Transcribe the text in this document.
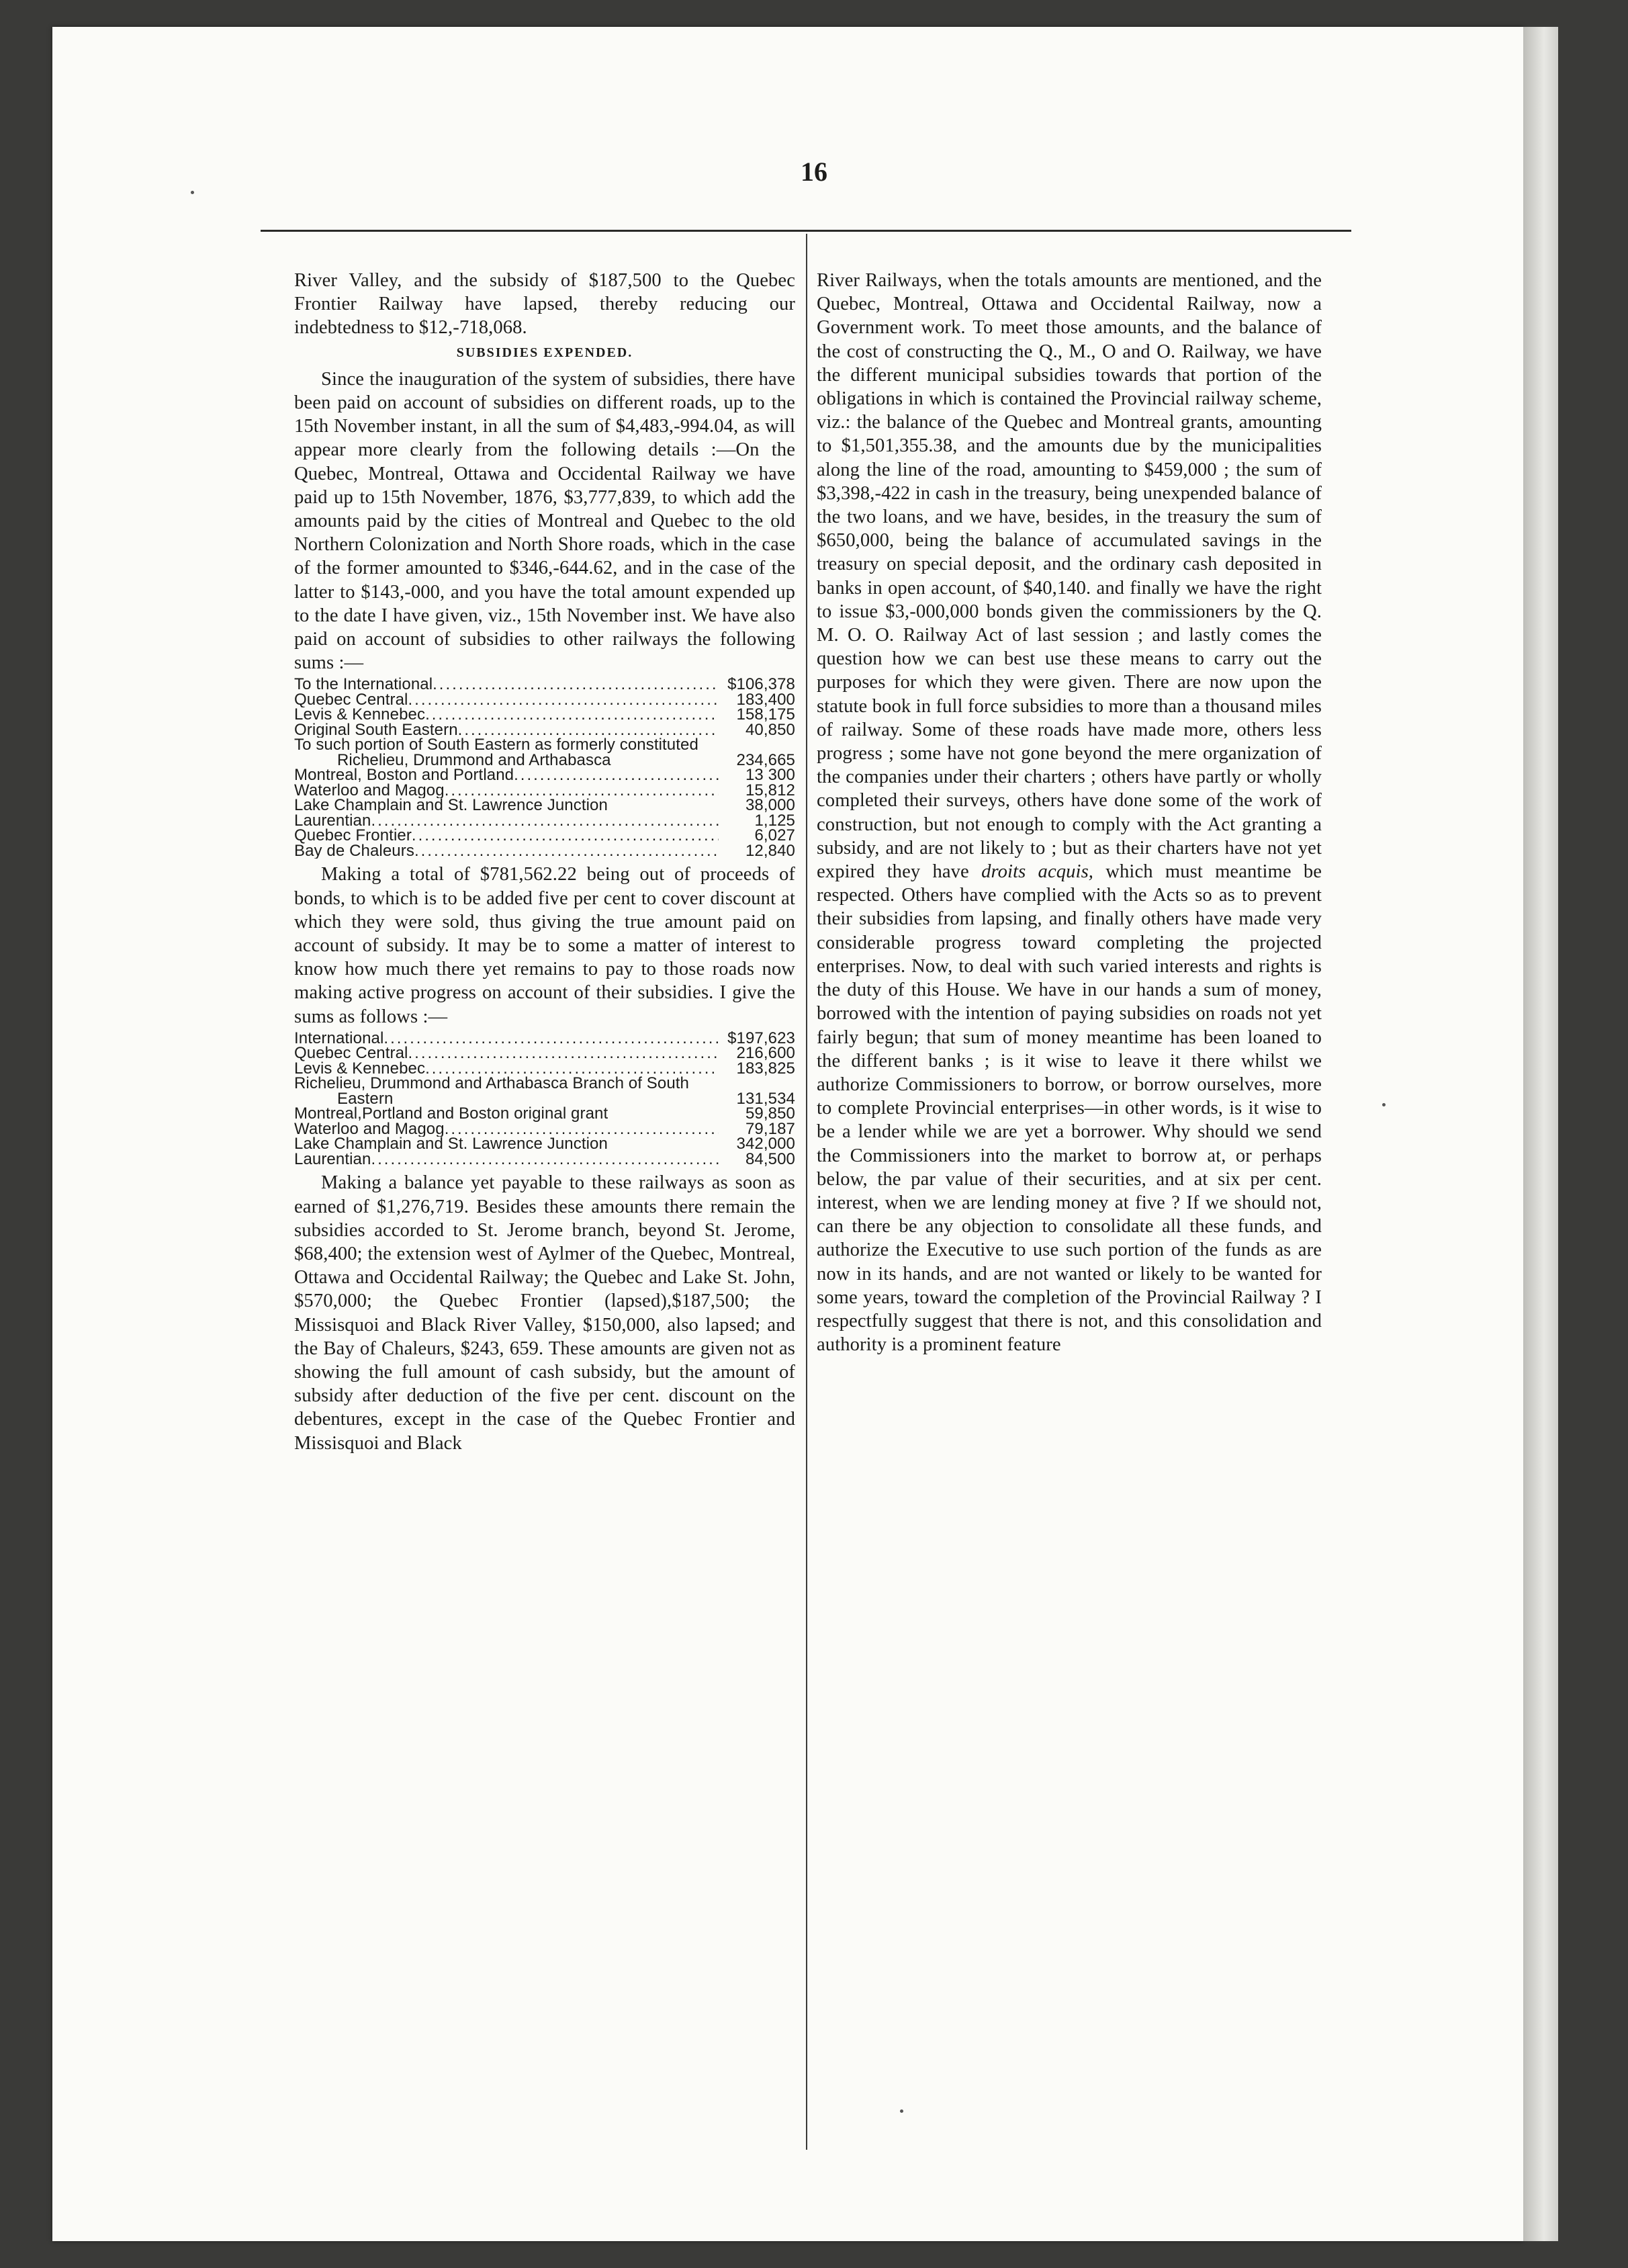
16

River Valley, and the subsidy of $187,500 to the Quebec Frontier Railway have lapsed, thereby reducing our indebtedness to $12,-718,068.

SUBSIDIES EXPENDED.

Since the inauguration of the system of subsidies, there have been paid on account of subsidies on different roads, up to the 15th November instant, in all the sum of $4,483,-994.04, as will appear more clearly from the following details :—On the Quebec, Montreal, Ottawa and Occidental Railway we have paid up to 15th November, 1876, $3,777,839, to which add the amounts paid by the cities of Montreal and Quebec to the old Northern Colonization and North Shore roads, which in the case of the former amounted to $346,-644.62, and in the case of the latter to $143,-000, and you have the total amount expended up to the date I have given, viz., 15th November inst. We have also paid on account of subsidies to other railways the following sums :—

To the International .....	$106,378
Quebec Central .....	183,400
Levis & Kennebec .....	158,175
Original South Eastern .....	40,850
To such portion of South Eastern as formerly constituted Richelieu, Drummond and Arthabasca	234,665
Montreal, Boston and Portland .....	13 300
Waterloo and Magog .....	15,812
Lake Champlain and St. Lawrence Junction	38,000
Laurentian .....	1,125
Quebec Frontier .....	6,027
Bay de Chaleurs .....	12,840

Making a total of $781,562.22 being out of proceeds of bonds, to which is to be added five per cent to cover discount at which they were sold, thus giving the true amount paid on account of subsidy. It may be to some a matter of interest to know how much there yet remains to pay to those roads now making active progress on account of their subsidies. I give the sums as follows :—

International .....	$197,623
Quebec Central .....	216,600
Levis & Kennebec .....	183,825
Richelieu, Drummond and Arthabasca Branch of South Eastern	131,534
Montreal,Portland and Boston original grant	59,850
Waterloo and Magog .....	79,187
Lake Champlain and St. Lawrence Junction	342,000
Laurentian .....	84,500

Making a balance yet payable to these railways as soon as earned of $1,276,719. Besides these amounts there remain the subsidies accorded to St. Jerome branch, beyond St. Jerome, $68,400; the extension west of Aylmer of the Quebec, Montreal, Ottawa and Occidental Railway; the Quebec and Lake St. John, $570,000; the Quebec Frontier (lapsed),$187,500; the Missisquoi and Black River Valley, $150,000, also lapsed; and the Bay of Chaleurs, $243, 659. These amounts are given not as showing the full amount of cash subsidy, but the amount of subsidy after deduction of the five per cent. discount on the debentures, except in the case of the Quebec Frontier and Missisquoi and Black

River Railways, when the totals amounts are mentioned, and the Quebec, Montreal, Ottawa and Occidental Railway, now a Government work. To meet those amounts, and the balance of the cost of constructing the Q., M., O and O. Railway, we have the different municipal subsidies towards that portion of the obligations in which is contained the Provincial railway scheme, viz.: the balance of the Quebec and Montreal grants, amounting to $1,501,355.38, and the amounts due by the municipalities along the line of the road, amounting to $459,000 ; the sum of $3,398,-422 in cash in the treasury, being unexpended balance of the two loans, and we have, besides, in the treasury the sum of $650,000, being the balance of accumulated savings in the treasury on special deposit, and the ordinary cash deposited in banks in open account, of $40,140. and finally we have the right to issue $3,-000,000 bonds given the commissioners by the Q. M. O. O. Railway Act of last session ; and lastly comes the question how we can best use these means to carry out the purposes for which they were given. There are now upon the statute book in full force subsidies to more than a thousand miles of railway. Some of these roads have made more, others less progress ; some have not gone beyond the mere organization of the companies under their charters ; others have partly or wholly completed their surveys, others have done some of the work of construction, but not enough to comply with the Act granting a subsidy, and are not likely to ; but as their charters have not yet expired they have droits acquis, which must meantime be respected. Others have complied with the Acts so as to prevent their subsidies from lapsing, and finally others have made very considerable progress toward completing the projected enterprises. Now, to deal with such varied interests and rights is the duty of this House. We have in our hands a sum of money, borrowed with the intention of paying subsidies on roads not yet fairly begun; that sum of money meantime has been loaned to the different banks ; is it wise to leave it there whilst we authorize Commissioners to borrow, or borrow ourselves, more to complete Provincial enterprises—in other words, is it wise to be a lender while we are yet a borrower. Why should we send the Commissioners into the market to borrow at, or perhaps below, the par value of their securities, and at six per cent. interest, when we are lending money at five ? If we should not, can there be any objection to consolidate all these funds, and authorize the Executive to use such portion of the funds as are now in its hands, and are not wanted or likely to be wanted for some years, toward the completion of the Provincial Railway ? I respectfully suggest that there is not, and this consolidation and authority is a prominent feature
